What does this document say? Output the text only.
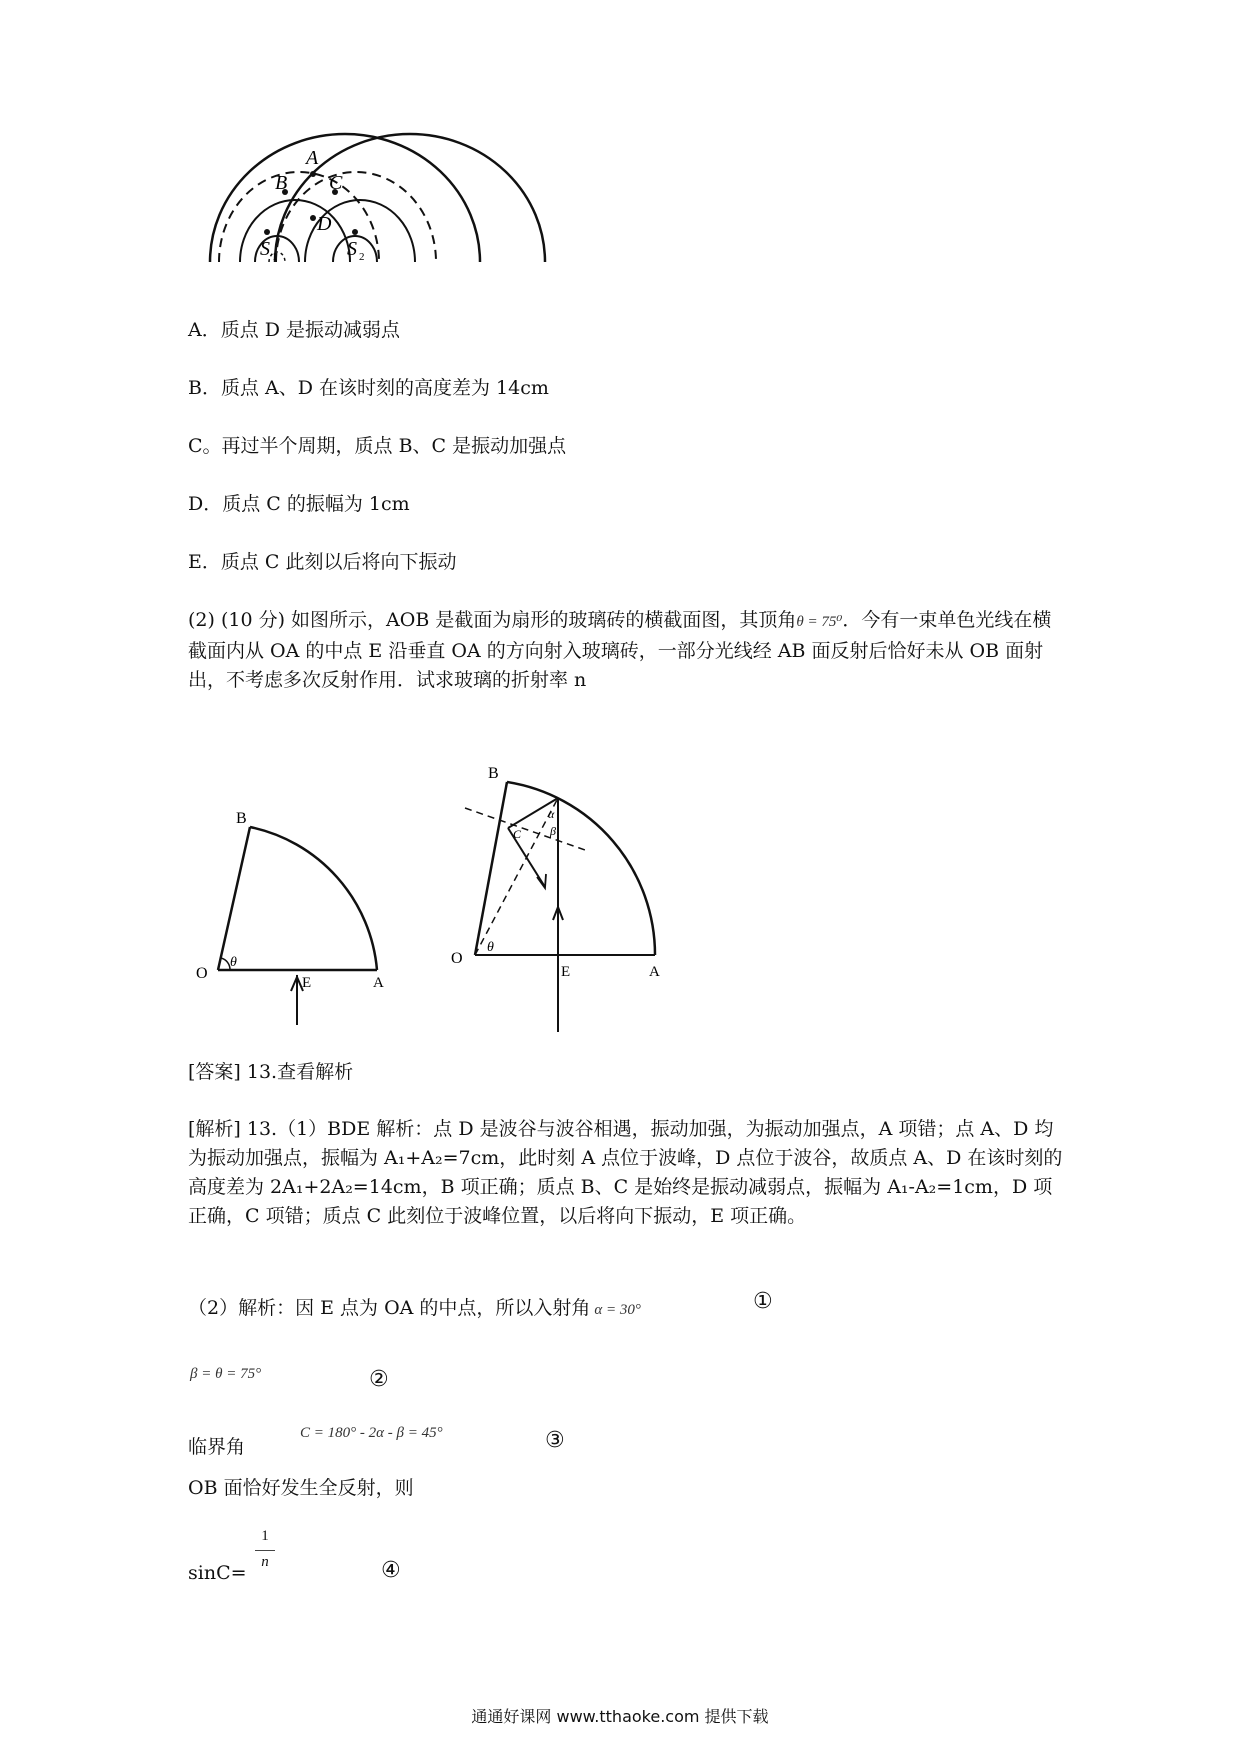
A
B C
D
S 1	S 2
A．质点 D 是振动减弱点
B．质点 A、D 在该时刻的高度差为 14cm
C。再过半个周期，质点 B、C 是振动加强点
D．质点 C 的振幅为 1cm
E．质点 C 此刻以后将向下振动
(2) (10 分) 如图所示，AOB 是截面为扇形的玻璃砖的横截面图，其顶角θ = 75⁰．今有一束单色光线在横截面内从 OA 的中点 E 沿垂直 OA 的方向射入玻璃砖，一部分光线经 AB 面反射后恰好未从 OB 面射出，不考虑多次反射作用．试求玻璃的折射率 n
B
O
θ
E	A
B
C
α
β
O
θ
E	A
[答案] 13.查看解析
[解析] 13.（1）BDE 解析：点 D 是波谷与波谷相遇，振动加强，为振动加强点，A 项错；点 A、D 均为振动加强点，振幅为 A₁+A₂=7cm，此时刻 A 点位于波峰，D 点位于波谷，故质点 A、D 在该时刻的高度差为 2A₁+2A₂=14cm，B 项正确；质点 B、C 是始终是振动减弱点，振幅为 A₁-A₂=1cm，D 项正确，C 项错；质点 C 此刻位于波峰位置，以后将向下振动，E 项正确。
（2）解析：因 E 点为 OA 的中点，所以入射角 α = 30°	①
β = θ = 75°	②
临界角
C = 180° - 2α - β = 45°	③
OB 面恰好发生全反射，则
sinC=
1
n	④
通通好课网 www.tthaoke.com 提供下载
